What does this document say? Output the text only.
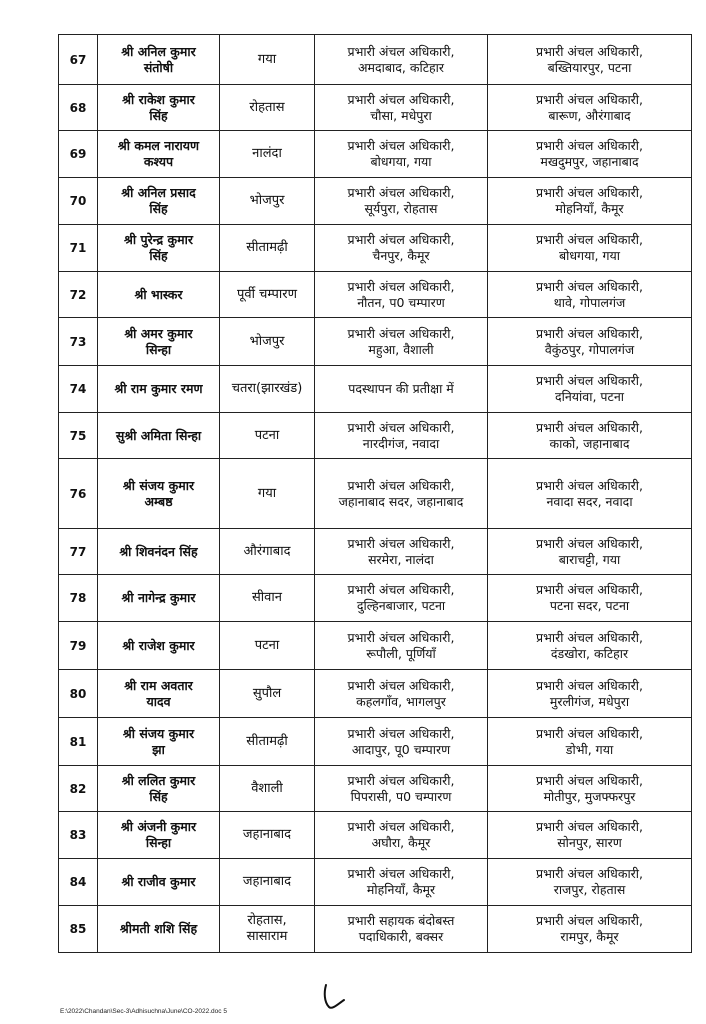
67	श्री अनिल कुमार
संतोषी	गया	प्रभारी अंचल अधिकारी,
अमदाबाद, कटिहार	प्रभारी अंचल अधिकारी,
बख्तियारपुर, पटना

68	श्री राकेश कुमार
सिंह	रोहतास	प्रभारी अंचल अधिकारी,
चौसा, मधेपुरा	प्रभारी अंचल अधिकारी,
बारूण, औरंगाबाद

69	श्री कमल नारायण
कश्यप	नालंदा	प्रभारी अंचल अधिकारी,
बोधगया, गया	प्रभारी अंचल अधिकारी,
मखदुमपुर, जहानाबाद

70	श्री अनिल प्रसाद
सिंह	भोजपुर	प्रभारी अंचल अधिकारी,
सूर्यपुरा, रोहतास	प्रभारी अंचल अधिकारी,
मोहनियाँ, कैमूर

71	श्री पुरेन्द्र कुमार
सिंह	सीतामढ़ी	प्रभारी अंचल अधिकारी,
चैनपुर, कैमूर	प्रभारी अंचल अधिकारी,
बोधगया, गया

72	श्री भास्कर	पूर्वी चम्पारण	प्रभारी अंचल अधिकारी,
नौतन, प0 चम्पारण	प्रभारी अंचल अधिकारी,
थावे, गोपालगंज

73	श्री अमर कुमार
सिन्हा	भोजपुर	प्रभारी अंचल अधिकारी,
महुआ, वैशाली	प्रभारी अंचल अधिकारी,
वैकुंठपुर, गोपालगंज

74	श्री राम कुमार रमण	चतरा(झारखंड)	पदस्थापन की प्रतीक्षा में	प्रभारी अंचल अधिकारी,
दनियांवा, पटना

75	सुश्री अमिता सिन्हा	पटना	प्रभारी अंचल अधिकारी,
नारदीगंज, नवादा	प्रभारी अंचल अधिकारी,
काको, जहानाबाद

76	श्री संजय कुमार
अम्बष्ठ	गया	प्रभारी अंचल अधिकारी,
जहानाबाद सदर, जहानाबाद	प्रभारी अंचल अधिकारी,
नवादा सदर, नवादा

77	श्री शिवनंदन सिंह	औरंगाबाद	प्रभारी अंचल अधिकारी,
सरमेरा, नालंदा	प्रभारी अंचल अधिकारी,
बाराचट्टी, गया

78	श्री नागेन्द्र कुमार	सीवान	प्रभारी अंचल अधिकारी,
दुल्हिनबाजार, पटना	प्रभारी अंचल अधिकारी,
पटना सदर, पटना

79	श्री राजेश कुमार	पटना	प्रभारी अंचल अधिकारी,
रूपौली, पूर्णियाँ	प्रभारी अंचल अधिकारी,
दंडखोरा, कटिहार

80	श्री राम अवतार
यादव	सुपौल	प्रभारी अंचल अधिकारी,
कहलगाँव, भागलपुर	प्रभारी अंचल अधिकारी,
मुरलीगंज, मधेपुरा

81	श्री संजय कुमार
झा	सीतामढ़ी	प्रभारी अंचल अधिकारी,
आदापुर, पू0 चम्पारण	प्रभारी अंचल अधिकारी,
डोभी, गया

82	श्री ललित कुमार
सिंह	वैशाली	प्रभारी अंचल अधिकारी,
पिपरासी, प0 चम्पारण	प्रभारी अंचल अधिकारी,
मोतीपुर, मुजफ्फरपुर

83	श्री अंजनी कुमार
सिन्हा	जहानाबाद	प्रभारी अंचल अधिकारी,
अघौरा, कैमूर	प्रभारी अंचल अधिकारी,
सोनपुर, सारण

84	श्री राजीव कुमार	जहानाबाद	प्रभारी अंचल अधिकारी,
मोहनियाँ, कैमूर	प्रभारी अंचल अधिकारी,
राजपुर, रोहतास

85	श्रीमती शशि सिंह	रोहतास,
सासाराम	प्रभारी सहायक बंदोबस्त
पदाधिकारी, बक्सर	प्रभारी अंचल अधिकारी,
रामपुर, कैमूर
E:\2022\Chandan\Sec-3\Adhisuchna\June\CO-2022.doc 5
